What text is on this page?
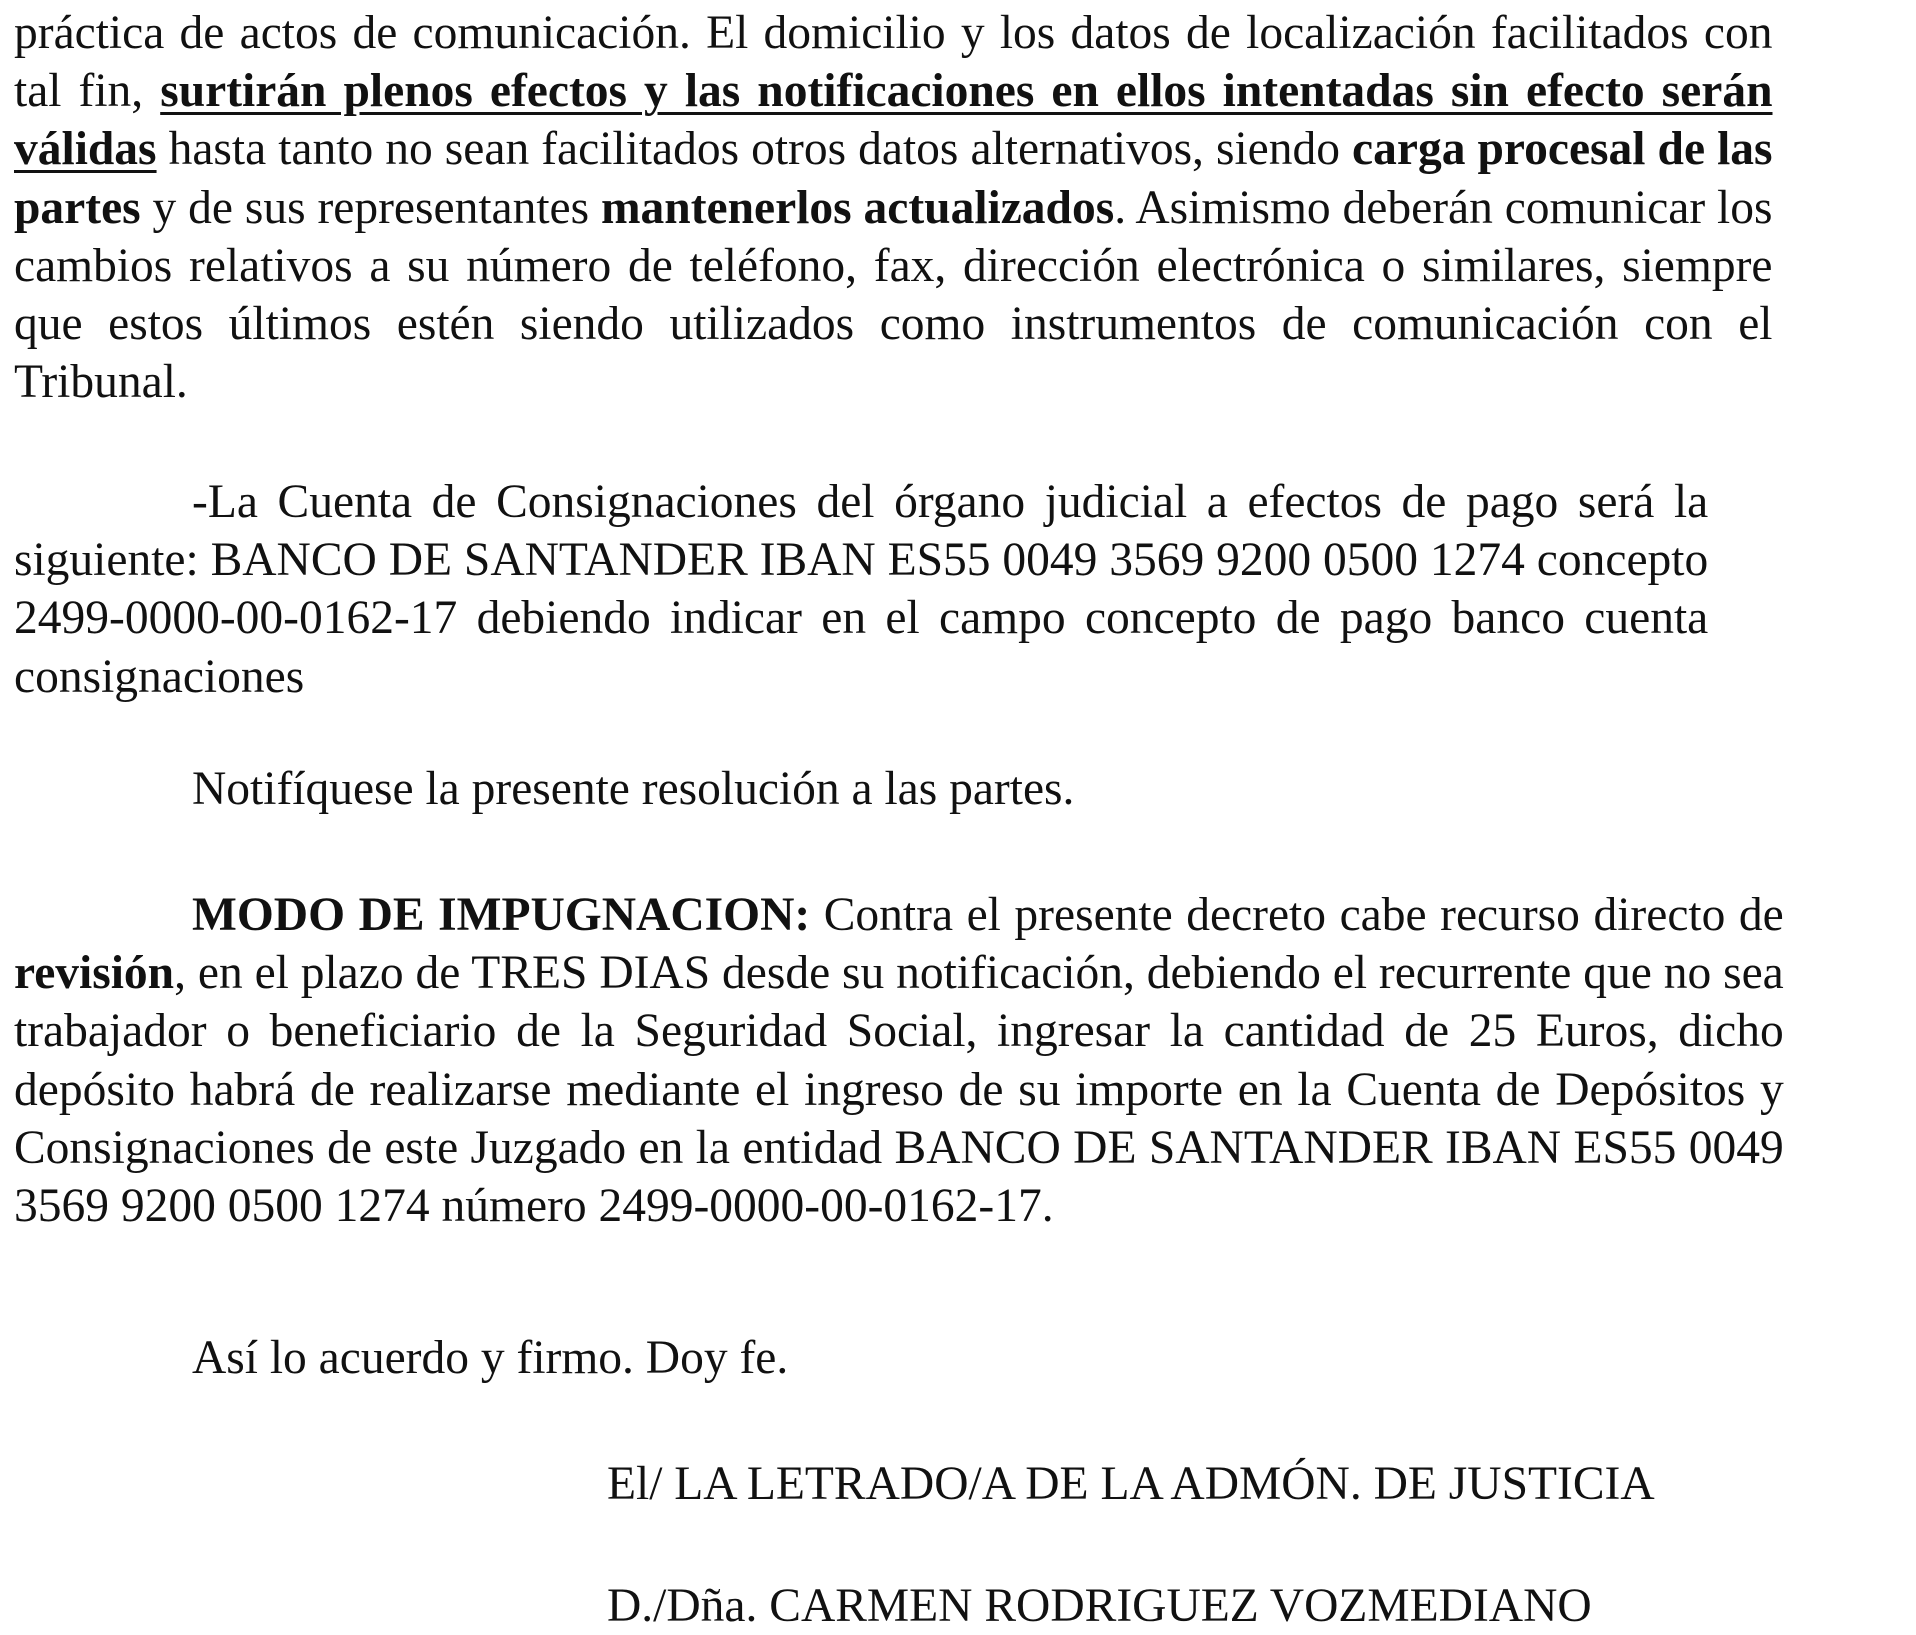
práctica de actos de comunicación. El domicilio y los datos de localización facilitados con
tal fin, surtirán plenos efectos y las notificaciones en ellos intentadas sin efecto serán
válidas hasta tanto no sean facilitados otros datos alternativos, siendo carga procesal de las
partes y de sus representantes mantenerlos actualizados. Asimismo deberán comunicar los
cambios relativos a su número de teléfono, fax, dirección electrónica o similares, siempre
que estos últimos estén siendo utilizados como instrumentos de comunicación con el
Tribunal.
-La Cuenta de Consignaciones del órgano judicial a efectos de pago será la
siguiente: BANCO DE SANTANDER IBAN ES55 0049 3569 9200 0500 1274 concepto
2499-0000-00-0162-17 debiendo indicar en el campo concepto de pago banco cuenta
consignaciones
Notifíquese la presente resolución a las partes.
MODO DE IMPUGNACION: Contra el presente decreto cabe recurso directo de
revisión, en el plazo de TRES DIAS desde su notificación, debiendo el recurrente que no sea
trabajador o beneficiario de la Seguridad Social, ingresar la cantidad de 25 Euros, dicho
depósito habrá de realizarse mediante el ingreso de su importe en la Cuenta de Depósitos y
Consignaciones de este Juzgado en la entidad BANCO DE SANTANDER IBAN ES55 0049
3569 9200 0500 1274 número 2499-0000-00-0162-17.
Así lo acuerdo y firmo. Doy fe.
El/ LA LETRADO/A DE LA ADMÓN. DE JUSTICIA
D./Dña. CARMEN RODRIGUEZ VOZMEDIANO
